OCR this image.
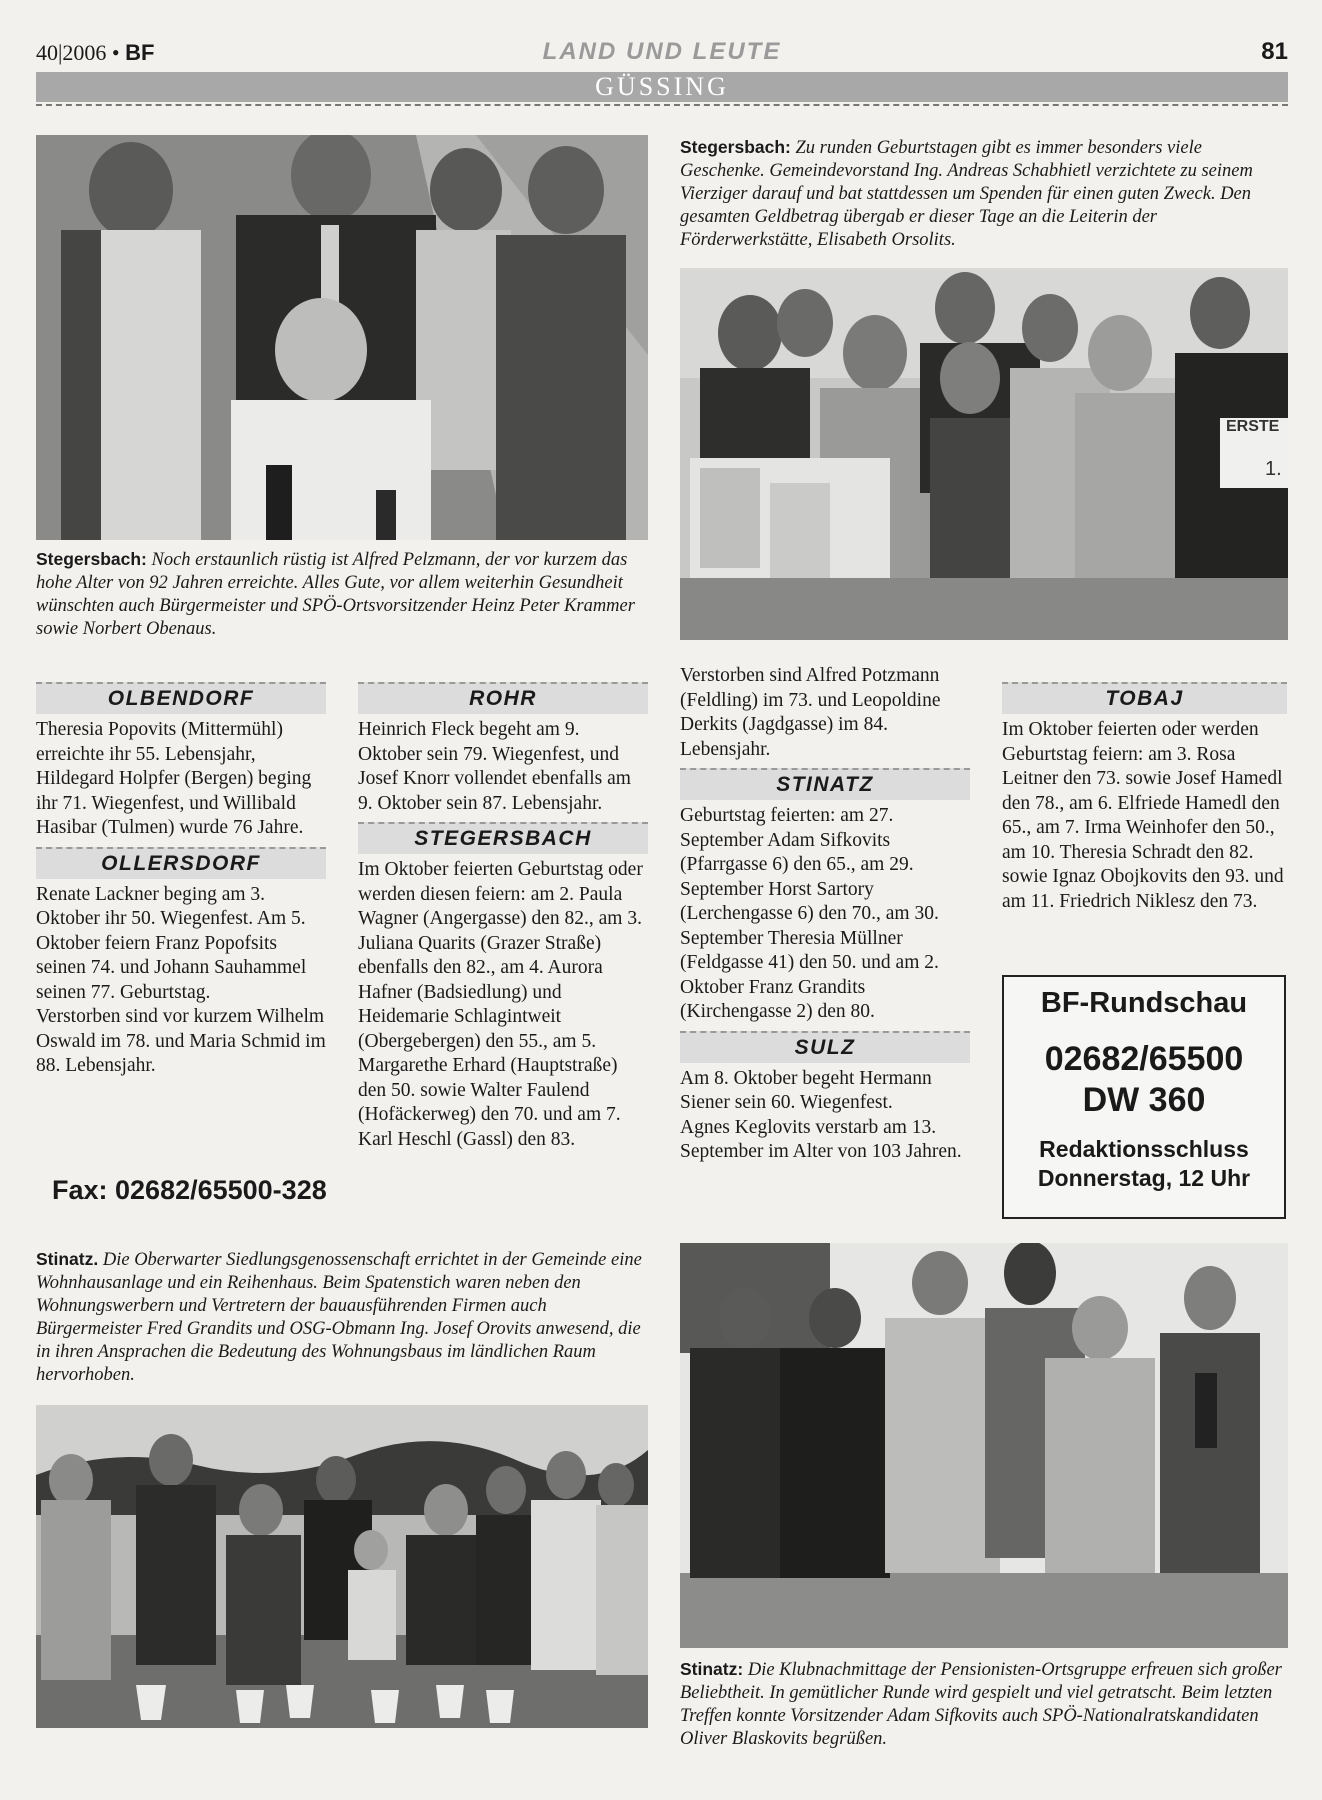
40|2006 • BF	LAND UND LEUTE	81
GÜSSING
Stegersbach: Noch erstaunlich rüstig ist Alfred Pelzmann, der vor kurzem das hohe Alter von 92 Jahren erreichte. Alles Gute, vor allem weiterhin Gesundheit wünschten auch Bürgermeister und SPÖ-Ortsvorsitzender Heinz Peter Krammer sowie Norbert Obenaus.
Stegersbach: Zu runden Geburtstagen gibt es immer besonders viele Geschenke. Gemeindevorstand Ing. Andreas Schabhietl verzichtete zu seinem Vierziger darauf und bat stattdessen um Spenden für einen guten Zweck. Den gesamten Geldbetrag übergab er dieser Tage an die Leiterin der Förderwerkstätte, Elisabeth Orsolits.
ERSTE
1.
OLBENDORF

Theresia Popovits (Mittermühl) erreichte ihr 55. Lebensjahr, Hildegard Holpfer (Bergen) beging ihr 71. Wiegenfest, und Willibald Hasibar (Tulmen) wurde 76 Jahre.

OLLERSDORF

Renate Lackner beging am 3. Oktober ihr 50. Wiegenfest. Am 5. Oktober feiern Franz Popofsits seinen 74. und Johann Sauhammel seinen 77. Geburtstag.

Verstorben sind vor kurzem Wilhelm Oswald im 78. und Maria Schmid im 88. Lebensjahr.

Fax: 02682/65500-328
ROHR

Heinrich Fleck begeht am 9. Oktober sein 79. Wiegenfest, und Josef Knorr vollendet ebenfalls am 9. Oktober sein 87. Lebensjahr.

STEGERSBACH

Im Oktober feierten Geburtstag oder werden diesen feiern: am 2. Paula Wagner (Angergasse) den 82., am 3. Juliana Quarits (Grazer Straße) ebenfalls den 82., am 4. Aurora Hafner (Badsiedlung) und Heidemarie Schlagintweit (Obergebergen) den 55., am 5. Margarethe Erhard (Hauptstraße) den 50. sowie Walter Faulend (Hofäckerweg) den 70. und am 7. Karl Heschl (Gassl) den 83.

Verstorben sind Alfred Potzmann (Feldling) im 73. und Leopoldine Derkits (Jagdgasse) im 84. Lebensjahr.

STINATZ

Geburtstag feierten: am 27. September Adam Sifkovits (Pfarrgasse 6) den 65., am 29. September Horst Sartory (Lerchengasse 6) den 70., am 30. September Theresia Müllner (Feldgasse 41) den 50. und am 2. Oktober Franz Grandits (Kirchengasse 2) den 80.

SULZ

Am 8. Oktober begeht Hermann Siener sein 60. Wiegenfest.

Agnes Keglovits verstarb am 13. September im Alter von 103 Jahren.

TOBAJ

Im Oktober feierten oder werden Geburtstag feiern: am 3. Rosa Leitner den 73. sowie Josef Hamedl den 78., am 6. Elfriede Hamedl den 65., am 7. Irma Weinhofer den 50., am 10. Theresia Schradt den 82. sowie Ignaz Obojkovits den 93. und am 11. Friedrich Niklesz den 73.

BF-Rundschau
02682/65500
DW 360
Redaktionsschluss
Donnerstag, 12 Uhr
Stinatz. Die Oberwarter Siedlungsgenossenschaft errichtet in der Gemeinde eine Wohnhausanlage und ein Reihenhaus. Beim Spatenstich waren neben den Wohnungswerbern und Vertretern der bauausführenden Firmen auch Bürgermeister Fred Grandits und OSG-Obmann Ing. Josef Orovits anwesend, die in ihren Ansprachen die Bedeutung des Wohnungsbaus im ländlichen Raum hervorhoben.
Stinatz: Die Klubnachmittage der Pensionisten-Ortsgruppe erfreuen sich großer Beliebtheit. In gemütlicher Runde wird gespielt und viel getratscht. Beim letzten Treffen konnte Vorsitzender Adam Sifkovits auch SPÖ-Nationalratskandidaten Oliver Blaskovits begrüßen.
